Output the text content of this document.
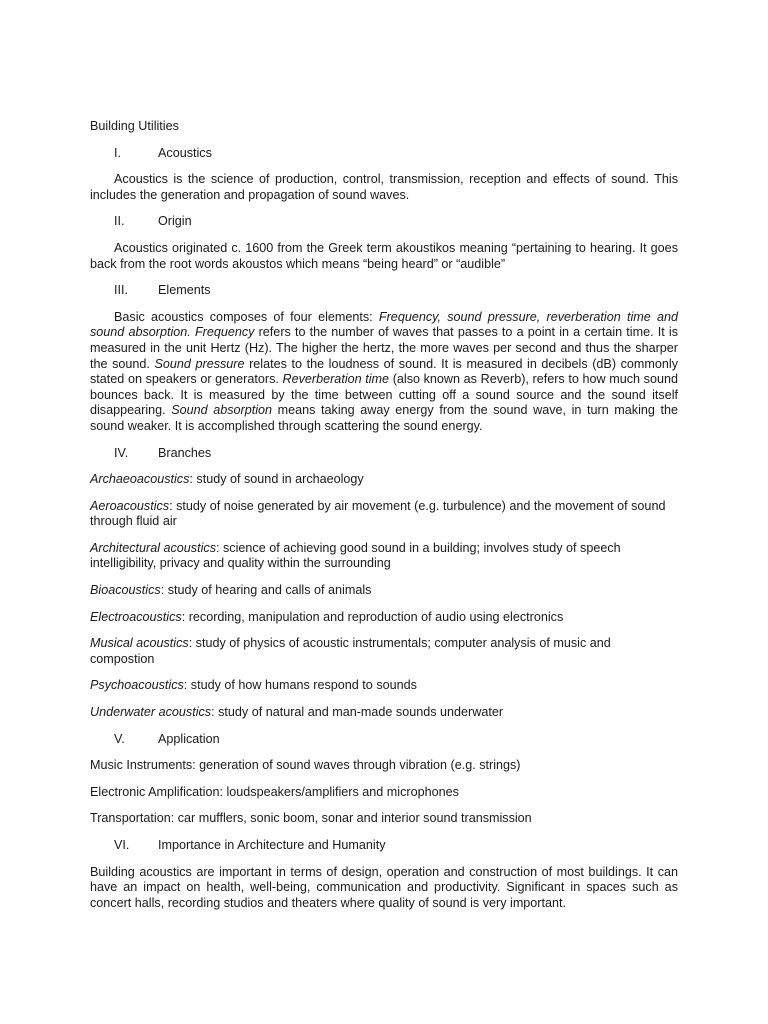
Building Utilities

I.	Acoustics

Acoustics is the science of production, control, transmission, reception and effects of sound. This includes the generation and propagation of sound waves.

II.	Origin

Acoustics originated c. 1600 from the Greek term akoustikos meaning “pertaining to hearing. It goes back from the root words akoustos which means “being heard” or “audible”

III. Elements

Basic acoustics composes of four elements: Frequency, sound pressure, reverberation time and sound absorption. Frequency refers to the number of waves that passes to a point in a certain time. It is measured in the unit Hertz (Hz). The higher the hertz, the more waves per second and thus the sharper the sound. Sound pressure relates to the loudness of sound. It is measured in decibels (dB) commonly stated on speakers or generators. Reverberation time (also known as Reverb), refers to how much sound bounces back. It is measured by the time between cutting off a sound source and the sound itself disappearing. Sound absorption means taking away energy from the sound wave, in turn making the sound weaker. It is accomplished through scattering the sound energy.

IV. Branches

Archaeoacoustics: study of sound in archaeology

Aeroacoustics: study of noise generated by air movement (e.g. turbulence) and the movement of sound through fluid air

Architectural acoustics: science of achieving good sound in a building; involves study of speech intelligibility, privacy and quality within the surrounding

Bioacoustics: study of hearing and calls of animals

Electroacoustics: recording, manipulation and reproduction of audio using electronics

Musical acoustics: study of physics of acoustic instrumentals; computer analysis of music and compostion

Psychoacoustics: study of how humans respond to sounds

Underwater acoustics: study of natural and man-made sounds underwater

V.	Application

Music Instruments: generation of sound waves through vibration (e.g. strings)

Electronic Amplification: loudspeakers/amplifiers and microphones

Transportation: car mufflers, sonic boom, sonar and interior sound transmission

VI. Importance in Architecture and Humanity

Building acoustics are important in terms of design, operation and construction of most buildings. It can have an impact on health, well-being, communication and productivity. Significant in spaces such as concert halls, recording studios and theaters where quality of sound is very important.
